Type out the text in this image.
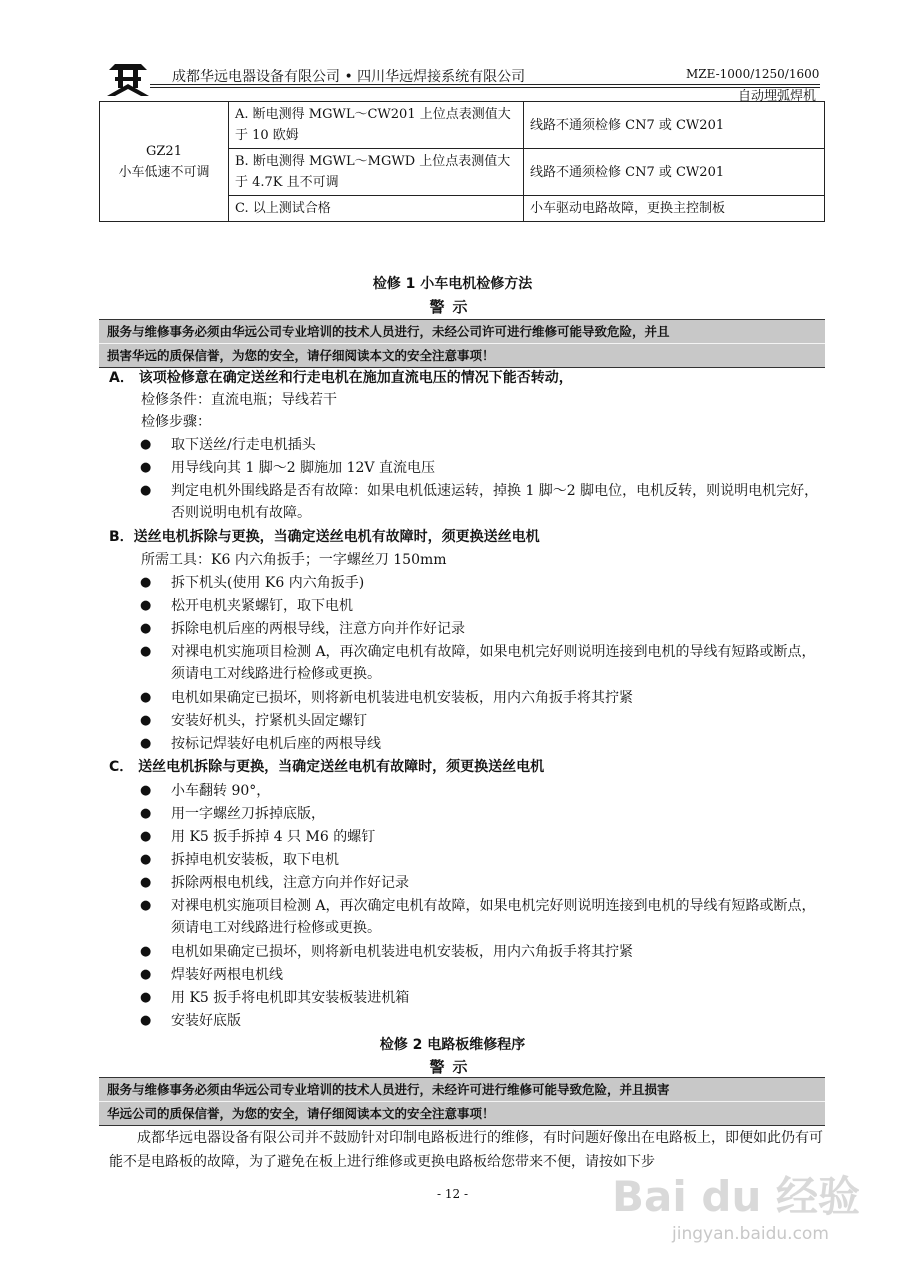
成都华远电器设备有限公司 • 四川华远焊接系统有限公司	MZE-1000/1250/1600
自动埋弧焊机
GZ21
小车低速不可调	A. 断电测得 MGWL～CW201 上位点表测值大于 10 欧姆	线路不通须检修 CN7 或 CW201
	B. 断电测得 MGWL～MGWD 上位点表测值大于 4.7K 且不可调	线路不通须检修 CN7 或 CW201
	C. 以上测试合格	小车驱动电路故障，更换主控制板
检修 1 小车电机检修方法
警示
服务与维修事务必须由华远公司专业培训的技术人员进行，未经公司许可进行维修可能导致危险，并且
损害华远的质保信誉，为您的安全，请仔细阅读本文的安全注意事项！
A． 该项检修意在确定送丝和行走电机在施加直流电压的情况下能否转动，
检修条件：直流电瓶；导线若干
检修步骤：
● 取下送丝/行走电机插头
● 用导线向其 1 脚～2 脚施加 12V 直流电压
● 判定电机外围线路是否有故障：如果电机低速运转，掉换 1 脚～2 脚电位，电机反转，则说明电机完好，否则说明电机有故障。
B．送丝电机拆除与更换，当确定送丝电机有故障时，须更换送丝电机
所需工具：K6 内六角扳手；一字螺丝刀 150mm
● 拆下机头(使用 K6 内六角扳手)
● 松开电机夹紧螺钉，取下电机
● 拆除电机后座的两根导线，注意方向并作好记录
● 对裸电机实施项目检测 A，再次确定电机有故障，如果电机完好则说明连接到电机的导线有短路或断点，须请电工对线路进行检修或更换。
● 电机如果确定已损坏，则将新电机装进电机安装板，用内六角扳手将其拧紧
● 安装好机头，拧紧机头固定螺钉
● 按标记焊装好电机后座的两根导线
C． 送丝电机拆除与更换，当确定送丝电机有故障时，须更换送丝电机
● 小车翻转 90°，
● 用一字螺丝刀拆掉底版，
● 用 K5 扳手拆掉 4 只 M6 的螺钉
● 拆掉电机安装板，取下电机
● 拆除两根电机线，注意方向并作好记录
● 对裸电机实施项目检测 A，再次确定电机有故障，如果电机完好则说明连接到电机的导线有短路或断点，须请电工对线路进行检修或更换。
● 电机如果确定已损坏，则将新电机装进电机安装板，用内六角扳手将其拧紧
● 焊装好两根电机线
● 用 K5 扳手将电机即其安装板装进机箱
● 安装好底版
检修 2 电路板维修程序
警示
服务与维修事务必须由华远公司专业培训的技术人员进行，未经许可进行维修可能导致危险，并且损害
华远公司的质保信誉，为您的安全，请仔细阅读本文的安全注意事项！
成都华远电器设备有限公司并不鼓励针对印制电路板进行的维修，有时问题好像出在电路板上，即便如此仍有可能不是电路板的故障，为了避免在板上进行维修或更换电路板给您带来不便，请按如下步
- 12 -	Bai du 经验
jingyan.baidu.com
